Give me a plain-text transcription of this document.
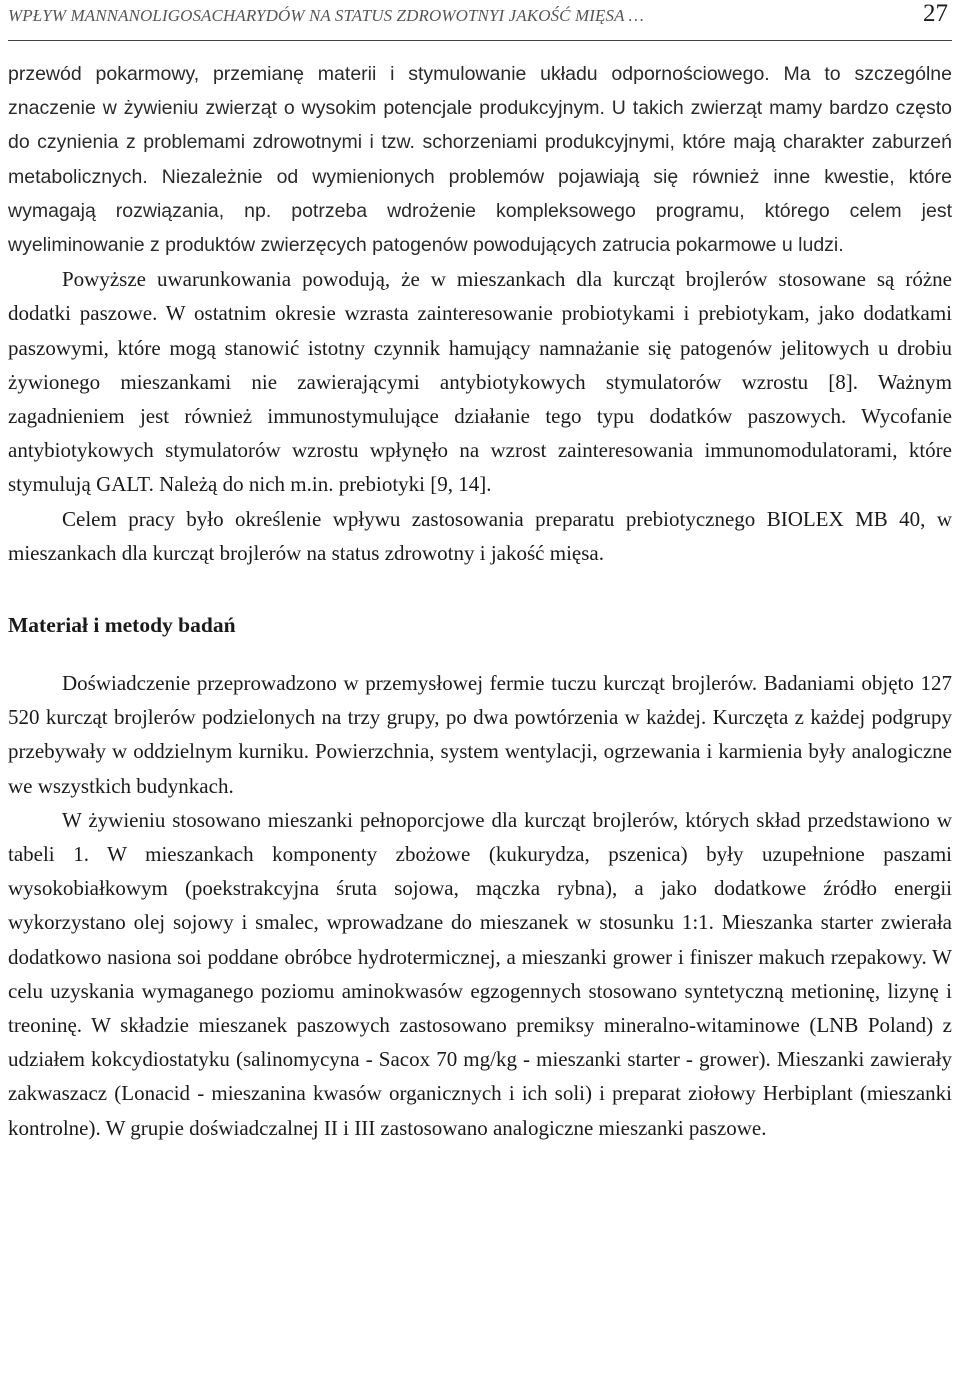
WPŁYW MANNANOLIGOSACHARYDÓW NA STATUS ZDROWOTNYI JAKOŚĆ MIĘSA …	27

przewód pokarmowy, przemianę materii i stymulowanie układu odpornościowego. Ma to szczególne znaczenie w żywieniu zwierząt o wysokim potencjale produkcyjnym. U takich zwierząt mamy bardzo często do czynienia z problemami zdrowotnymi i tzw. schorzeniami produkcyjnymi, które mają charakter zaburzeń metabolicznych. Niezależnie od wymienionych problemów pojawiają się również inne kwestie, które wymagają rozwiązania, np. potrzeba wdrożenie kompleksowego programu, którego celem jest wyeliminowanie z produktów zwierzęcych patogenów powodujących zatrucia pokarmowe u ludzi.

Powyższe uwarunkowania powodują, że w mieszankach dla kurcząt brojlerów stosowane są różne dodatki paszowe. W ostatnim okresie wzrasta zainteresowanie probiotykami i prebiotykam, jako dodatkami paszowymi, które mogą stanowić istotny czynnik hamujący namnażanie się patogenów jelitowych u drobiu żywionego mieszankami nie zawierającymi antybiotykowych stymulatorów wzrostu [8]. Ważnym zagadnieniem jest również immunostymulujące działanie tego typu dodatków paszowych. Wycofanie antybiotykowych stymulatorów wzrostu wpłynęło na wzrost zainteresowania immunomodulatorami, które stymulują GALT. Należą do nich m.in. prebiotyki [9, 14].

Celem pracy było określenie wpływu zastosowania preparatu prebiotycznego BIOLEX MB 40, w mieszankach dla kurcząt brojlerów na status zdrowotny i jakość mięsa.

Materiał i metody badań

Doświadczenie przeprowadzono w przemysłowej fermie tuczu kurcząt brojlerów. Badaniami objęto 127 520 kurcząt brojlerów podzielonych na trzy grupy, po dwa powtórzenia w każdej. Kurczęta z każdej podgrupy przebywały w oddzielnym kurniku. Powierzchnia, system wentylacji, ogrzewania i karmienia były analogiczne we wszystkich budynkach.

W żywieniu stosowano mieszanki pełnoporcjowe dla kurcząt brojlerów, których skład przedstawiono w tabeli 1. W mieszankach komponenty zbożowe (kukurydza, pszenica) były uzupełnione paszami wysokobiałkowym (poekstrakcyjna śruta sojowa, mączka rybna), a jako dodatkowe źródło energii wykorzystano olej sojowy i smalec, wprowadzane do mieszanek w stosunku 1:1. Mieszanka starter zwierała dodatkowo nasiona soi poddane obróbce hydrotermicznej, a mieszanki grower i finiszer makuch rzepakowy. W celu uzyskania wymaganego poziomu aminokwasów egzogennych stosowano syntetyczną metioninę, lizynę i treoninę. W składzie mieszanek paszowych zastosowano premiksy mineralno-witaminowe (LNB Poland) z udziałem kokcydiostatyku (salinomycyna - Sacox 70 mg/kg - mieszanki starter - grower). Mieszanki zawierały zakwaszacz (Lonacid - mieszanina kwasów organicznych i ich soli) i preparat ziołowy Herbiplant (mieszanki kontrolne). W grupie doświadczalnej II i III zastosowano analogiczne mieszanki paszowe.
